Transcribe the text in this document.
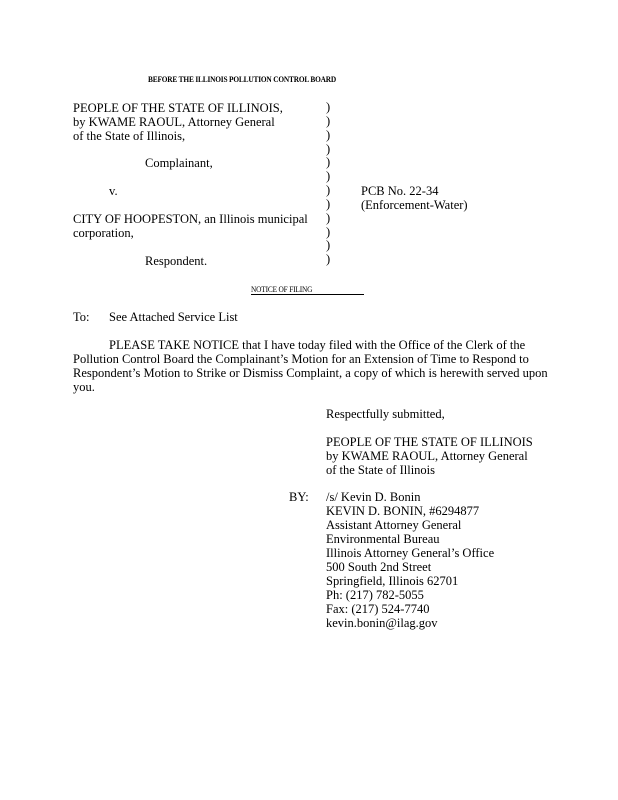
BEFORE THE ILLINOIS POLLUTION CONTROL BOARD
PEOPLE OF THE STATE OF ILLINOIS,
by KWAME RAOUL, Attorney General
of the State of Illinois,
Complainant,
v.
CITY OF HOOPESTON, an Illinois municipal
corporation,
Respondent.
)
)
)
)
)
)
)
)
)
)
)
)
PCB No. 22-34
(Enforcement-Water)
NOTICE OF FILING
To: See Attached Service List
PLEASE TAKE NOTICE that I have today filed with the Office of the Clerk of the
Pollution Control Board the Complainant’s Motion for an Extension of Time to Respond to
Respondent’s Motion to Strike or Dismiss Complaint, a copy of which is herewith served upon
you.
Respectfully submitted,
PEOPLE OF THE STATE OF ILLINOIS
by KWAME RAOUL, Attorney General
of the State of Illinois
BY: /s/ Kevin D. Bonin
KEVIN D. BONIN, #6294877
Assistant Attorney General
Environmental Bureau
Illinois Attorney General’s Office
500 South 2nd Street
Springfield, Illinois 62701
Ph: (217) 782-5055
Fax: (217) 524-7740
kevin.bonin@ilag.gov
